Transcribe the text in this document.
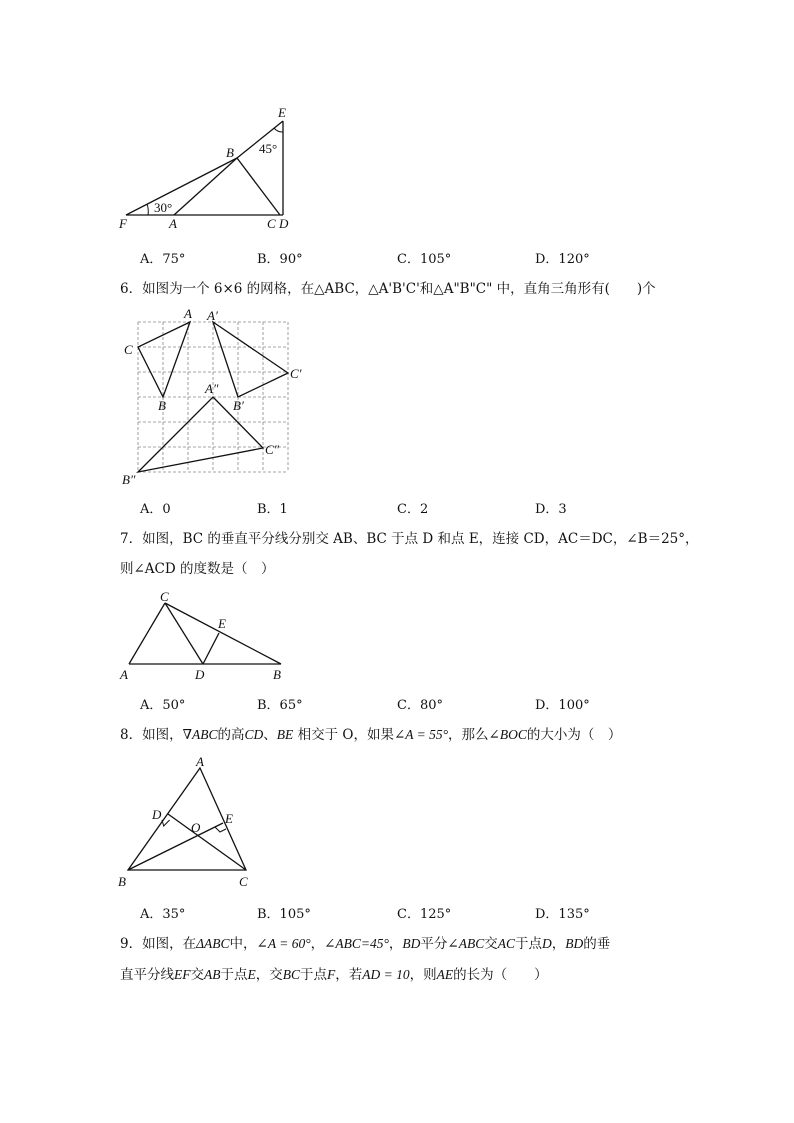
E
B
F	A	C D
45°
30°
A．75°	B．90°	C．105°	D．120°
6．如图为一个 6×6 的网格，在△ABC，△A'B'C'和△A"B"C" 中，直角三角形有(　　)个
A
C
B
A′
C′
B′
A″
C″
B″
A．0	B．1	C．2	D．3
7．如图，BC 的垂直平分线分别交 AB、BC 于点 D 和点 E，连接 CD，AC＝DC，∠B＝25°，
则∠ACD 的度数是（　）
C
E
A	D	B
A．50°	B．65°	C．80°	D．100°
8．如图，∇ABC的高CD、BE 相交于 O，如果∠A = 55°，那么∠BOC的大小为（　）
A
D
O
E
B	C
A．35°	B．105°	C．125°	D．135°
9．如图，在ΔABC中，∠A = 60°，∠ABC=45°，BD平分∠ABC交AC于点D，BD的垂
直平分线EF交AB于点E，交BC于点F，若AD = 10，则AE的长为（　　）
